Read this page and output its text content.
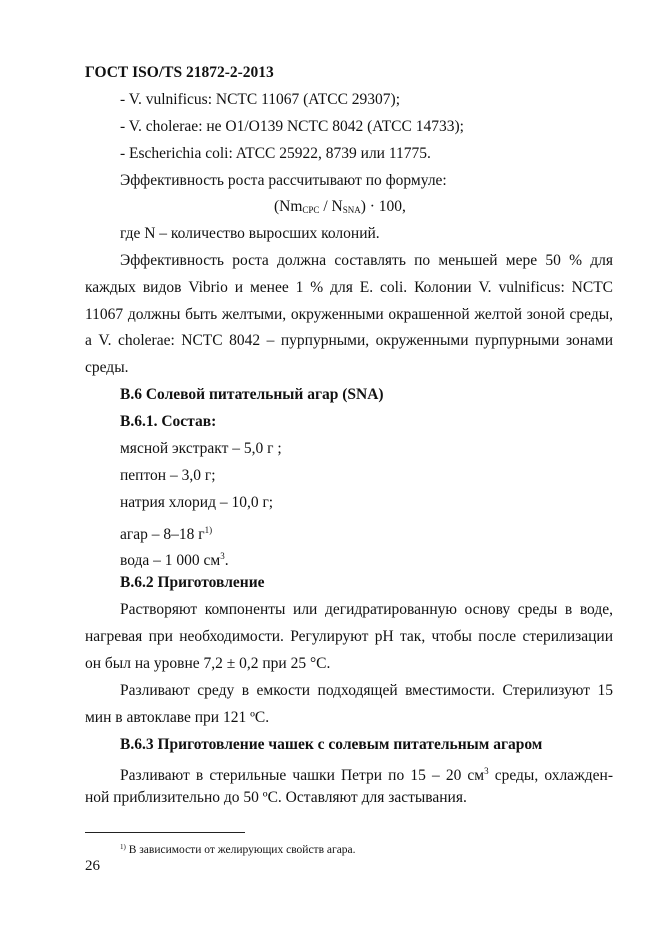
ГОСТ ISO/TS 21872-2-2013
- V. vulnificus: NCTC 11067 (ATCC 29307);
- V. cholerae: не O1/O139 NCTC 8042 (ATCC 14733);
- Escherichia coli: ATCC 25922, 8739 или 11775.
Эффективность роста рассчитывают по формуле:
$(Nm_{CPC} / N_{SNA}) \cdot 100$,
где N – количество выросших колоний.
Эффективность роста должна составлять по меньшей мере 50 % для
каждых видов Vibrio и менее 1 % для E. coli. Колонии V. vulnificus: NCTC
11067 должны быть желтыми, окруженными окрашенной желтой зоной среды,
а V. cholerae: NCTC 8042 – пурпурными, окруженными пурпурными зонами
среды.
В.6 Солевой питательный агар (SNA)
В.6.1. Состав:
мясной экстракт – 5,0 г ;
пептон – 3,0 г;
натрия хлорид – 10,0 г;
агар – 8–18 $г^{1)}$
вода – 1 000 $см^3$.
В.6.2 Приготовление
Растворяют компоненты или дегидратированную основу среды в воде,
нагревая при необходимости. Регулируют pH так, чтобы после стерилизации
он был на уровне 7,2 ± 0,2 при 25 °С.
Разливают среду в емкости подходящей вместимости. Стерилизуют 15
мин в автоклаве при 121 ºС.
В.6.3 Приготовление чашек с солевым питательным агаром
Разливают в стерильные чашки Петри по 15 – 20 $см^3$ среды, охлажден-
ной приблизительно до 50 ºС. Оставляют для застывания.
$^{1)}$ В зависимости от желирующих свойств агара.
26
